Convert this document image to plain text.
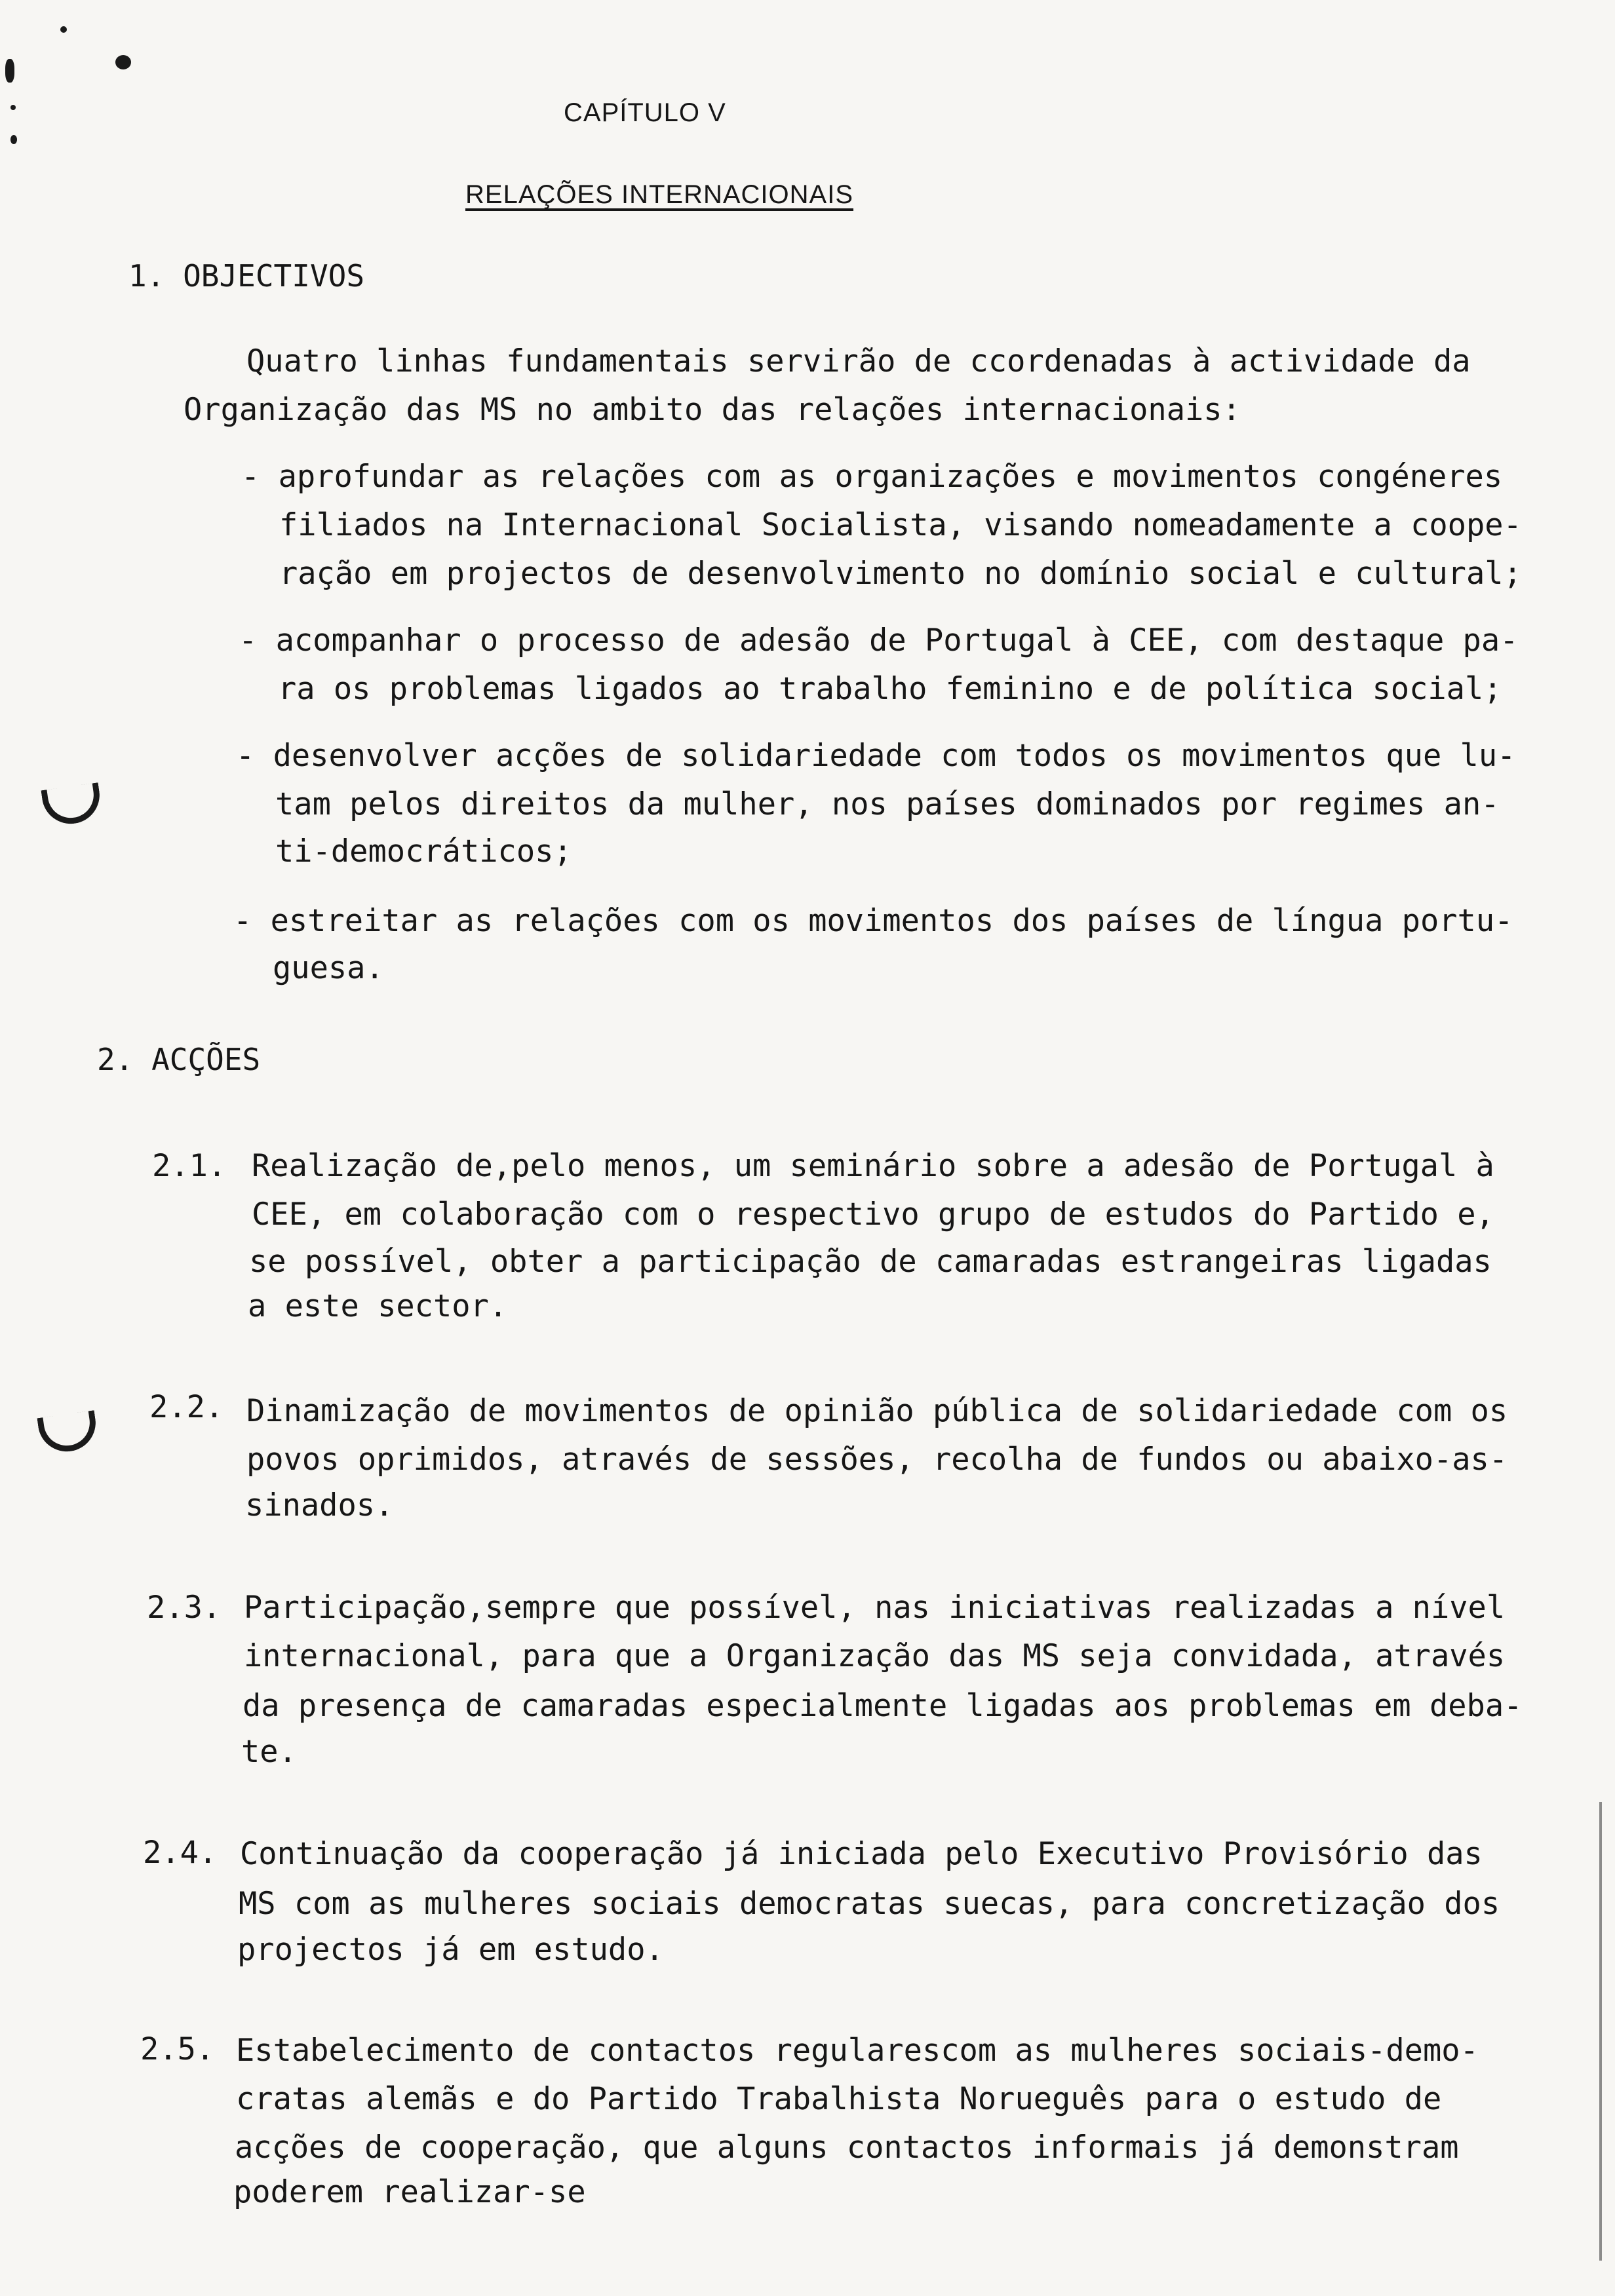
CAPÍTULO V
RELAÇÕES INTERNACIONAIS
1. OBJECTIVOS
Quatro linhas fundamentais servirão de ccordenadas à actividade da
Organização das MS no ambito das relações internacionais:
- aprofundar as relações com as organizações e movimentos congéneres
filiados na Internacional Socialista, visando nomeadamente a coope-
ração em projectos de desenvolvimento no domínio social e cultural;
- acompanhar o processo de adesão de Portugal à CEE, com destaque pa-
ra os problemas ligados ao trabalho feminino e de política social;
- desenvolver acções de solidariedade com todos os movimentos que lu-
tam pelos direitos da mulher, nos países dominados por regimes an-
ti-democráticos;
- estreitar as relações com os movimentos dos países de língua portu-
guesa.
2. ACÇÕES
2.1. Realização de,pelo menos, um seminário sobre a adesão de Portugal à
CEE, em colaboração com o respectivo grupo de estudos do Partido e,
se possível, obter a participação de camaradas estrangeiras ligadas
a este sector.
2.2. Dinamização de movimentos de opinião pública de solidariedade com os
povos oprimidos, através de sessões, recolha de fundos ou abaixo-as-
sinados.
2.3. Participação,sempre que possível, nas iniciativas realizadas a nível
internacional, para que a Organização das MS seja convidada, através
da presença de camaradas especialmente ligadas aos problemas em deba-
te.
2.4. Continuação da cooperação já iniciada pelo Executivo Provisório das
MS com as mulheres sociais democratas suecas, para concretização dos
projectos já em estudo.
2.5. Estabelecimento de contactos regularescom as mulheres sociais-demo-
cratas alemãs e do Partido Trabalhista Norueguês para o estudo de
acções de cooperação, que alguns contactos informais já demonstram
poderem realizar-se
